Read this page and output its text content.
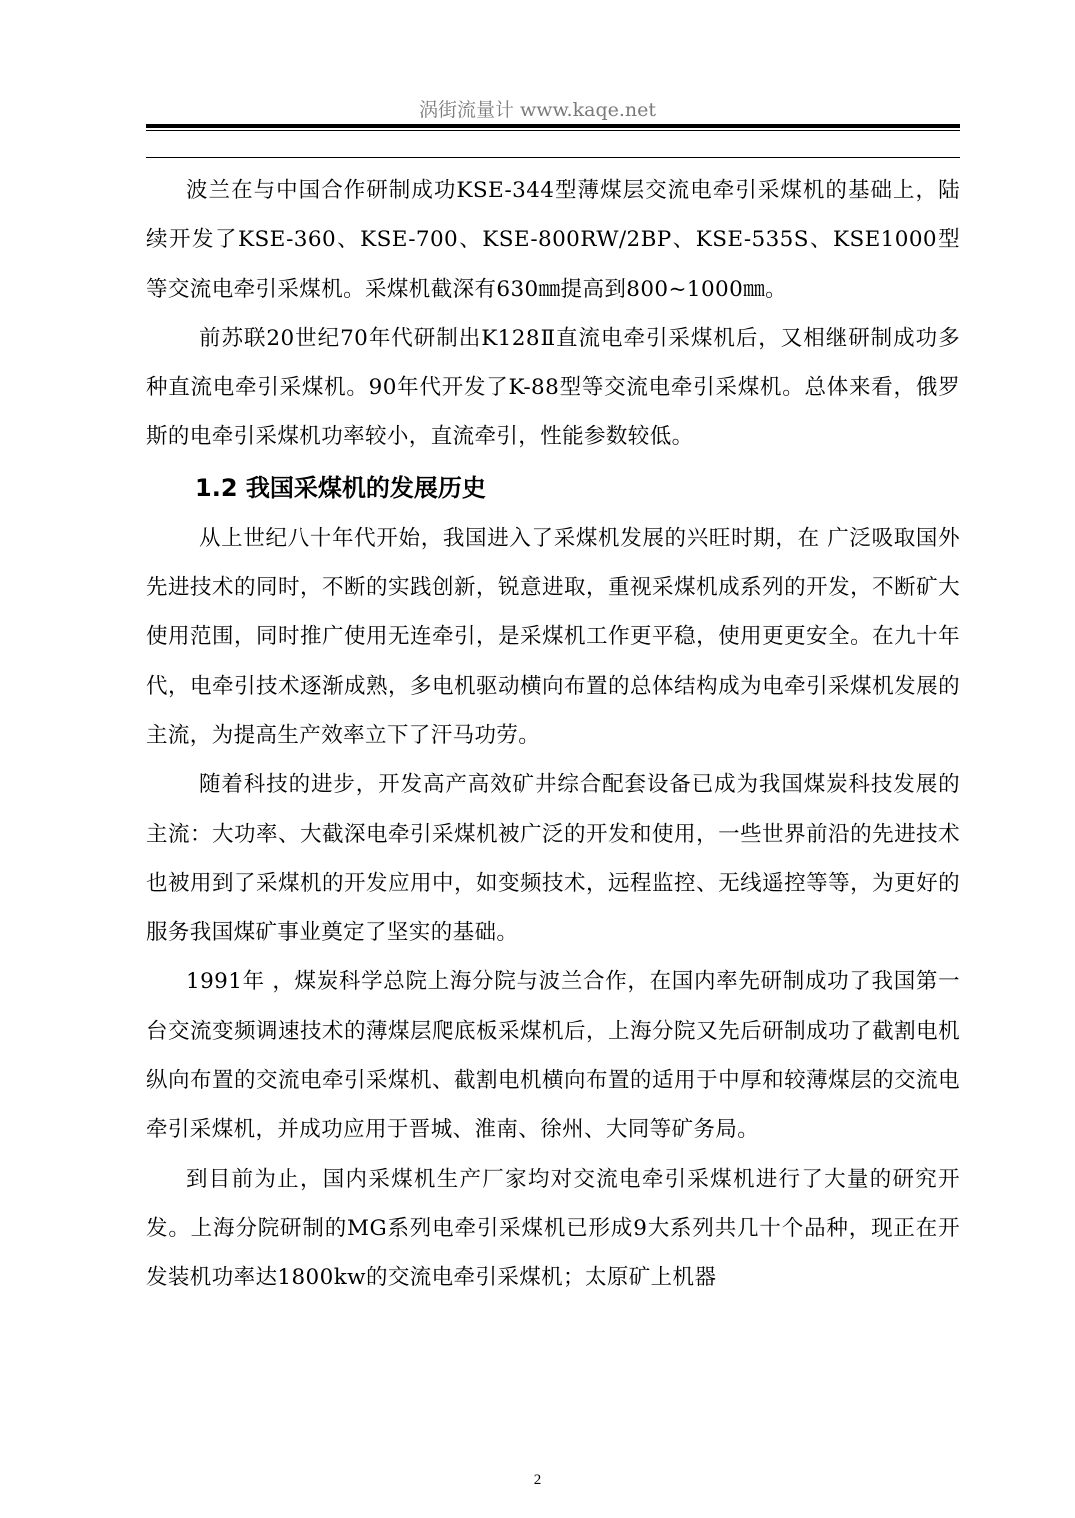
涡街流量计 www.kaqe.net

波兰在与中国合作研制成功KSE-344型薄煤层交流电牵引采煤机的基础上，陆续开发了KSE-360、KSE-700、KSE-800RW/2BP、KSE-535S、KSE1000型等交流电牵引采煤机。采煤机截深有630㎜提高到800~1000㎜。

前苏联20世纪70年代研制出K128Ⅱ直流电牵引采煤机后，又相继研制成功多种直流电牵引采煤机。90年代开发了K-88型等交流电牵引采煤机。总体来看，俄罗斯的电牵引采煤机功率较小，直流牵引，性能参数较低。

1.2 我国采煤机的发展历史

从上世纪八十年代开始，我国进入了采煤机发展的兴旺时期，在 广泛吸取国外先进技术的同时，不断的实践创新，锐意进取，重视采煤机成系列的开发，不断矿大使用范围，同时推广使用无连牵引，是采煤机工作更平稳，使用更更安全。在九十年代，电牵引技术逐渐成熟，多电机驱动横向布置的总体结构成为电牵引采煤机发展的主流，为提高生产效率立下了汗马功劳。

随着科技的进步，开发高产高效矿井综合配套设备已成为我国煤炭科技发展的主流：大功率、大截深电牵引采煤机被广泛的开发和使用，一些世界前沿的先进技术也被用到了采煤机的开发应用中，如变频技术，远程监控、无线遥控等等，为更好的服务我国煤矿事业奠定了坚实的基础。

1991年 ，煤炭科学总院上海分院与波兰合作，在国内率先研制成功了我国第一台交流变频调速技术的薄煤层爬底板采煤机后，上海分院又先后研制成功了截割电机纵向布置的交流电牵引采煤机、截割电机横向布置的适用于中厚和较薄煤层的交流电牵引采煤机，并成功应用于晋城、淮南、徐州、大同等矿务局。

到目前为止，国内采煤机生产厂家均对交流电牵引采煤机进行了大量的研究开发。上海分院研制的MG系列电牵引采煤机已形成9大系列共几十个品种，现正在开发装机功率达1800kw的交流电牵引采煤机；太原矿上机器

2
